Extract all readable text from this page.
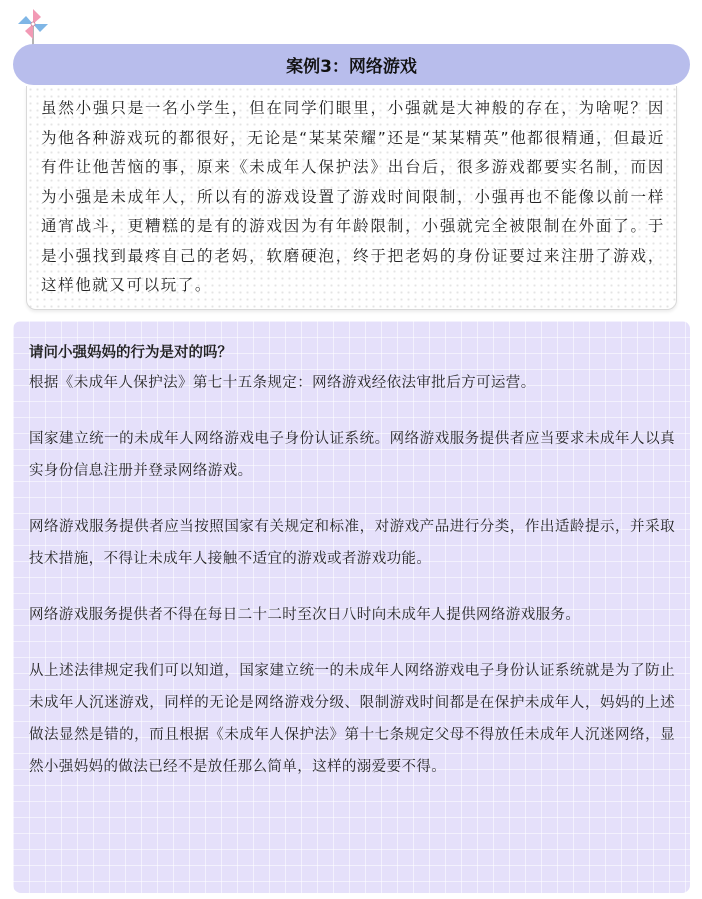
案例3：网络游戏

虽然小强只是一名小学生，但在同学们眼里，小强就是大神般的存在，为啥呢？因为他各种游戏玩的都很好，无论是“某某荣耀”还是“某某精英”他都很精通，但最近有件让他苦恼的事，原来《未成年人保护法》出台后，很多游戏都要实名制，而因为小强是未成年人，所以有的游戏设置了游戏时间限制，小强再也不能像以前一样通宵战斗，更糟糕的是有的游戏因为有年龄限制，小强就完全被限制在外面了。于是小强找到最疼自己的老妈，软磨硬泡，终于把老妈的身份证要过来注册了游戏，这样他就又可以玩了。

请问小强妈妈的行为是对的吗？

根据《未成年人保护法》第七十五条规定：网络游戏经依法审批后方可运营。

国家建立统一的未成年人网络游戏电子身份认证系统。网络游戏服务提供者应当要求未成年人以真实身份信息注册并登录网络游戏。

网络游戏服务提供者应当按照国家有关规定和标准，对游戏产品进行分类，作出适龄提示，并采取技术措施，不得让未成年人接触不适宜的游戏或者游戏功能。

网络游戏服务提供者不得在每日二十二时至次日八时向未成年人提供网络游戏服务。

从上述法律规定我们可以知道，国家建立统一的未成年人网络游戏电子身份认证系统就是为了防止未成年人沉迷游戏，同样的无论是网络游戏分级、限制游戏时间都是在保护未成年人，妈妈的上述做法显然是错的，而且根据《未成年人保护法》第十七条规定父母不得放任未成年人沉迷网络，显然小强妈妈的做法已经不是放任那么简单，这样的溺爱要不得。
